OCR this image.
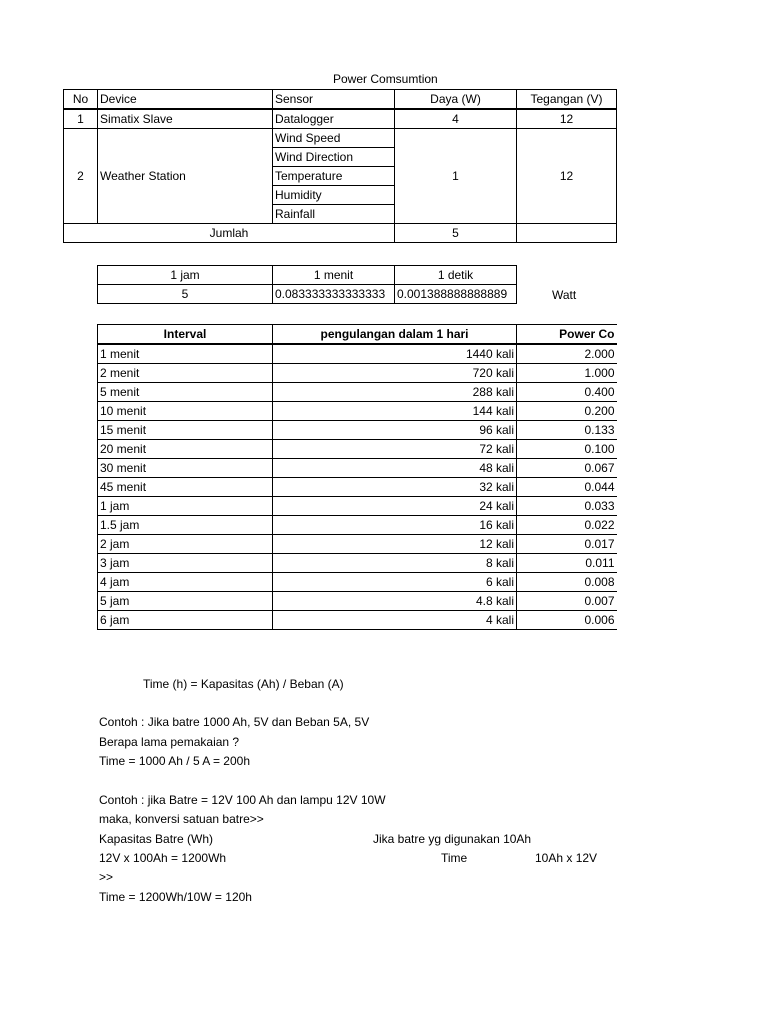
Power Comsumtion
No	Device	Sensor	Daya (W)	Tegangan (V)
1	Simatix Slave	Datalogger	4	12
2	Weather Station	Wind Speed	1	12
		Wind Direction		
		Temperature		
		Humidity		
		Rainfall		
Jumlah			5	
1 jam	1 menit	1 detik
5	0.083333333333333	0.001388888888889	Watt
Interval	pengulangan dalam 1 hari	Power Co
1 menit	1440 kali	2.000
2 menit	720 kali	1.000
5 menit	288 kali	0.400
10 menit	144 kali	0.200
15 menit	96 kali	0.133
20 menit	72 kali	0.100
30 menit	48 kali	0.067
45 menit	32 kali	0.044
1 jam	24 kali	0.033
1.5 jam	16 kali	0.022
2 jam	12 kali	0.017
3 jam	8 kali	0.011
4 jam	6 kali	0.008
5 jam	4.8 kali	0.007
6 jam	4 kali	0.006
Time (h) = Kapasitas (Ah) / Beban (A)
Contoh : Jika batre 1000 Ah, 5V dan Beban 5A, 5V
Berapa lama pemakaian ?
Time = 1000 Ah / 5 A = 200h
Contoh : jika Batre = 12V 100 Ah dan lampu 12V 10W
maka, konversi satuan batre>>
Kapasitas Batre (Wh)	Jika batre yg digunakan 10Ah
12V x 100Ah = 1200Wh	Time	10Ah x 12V
>>
Time = 1200Wh/10W = 120h
